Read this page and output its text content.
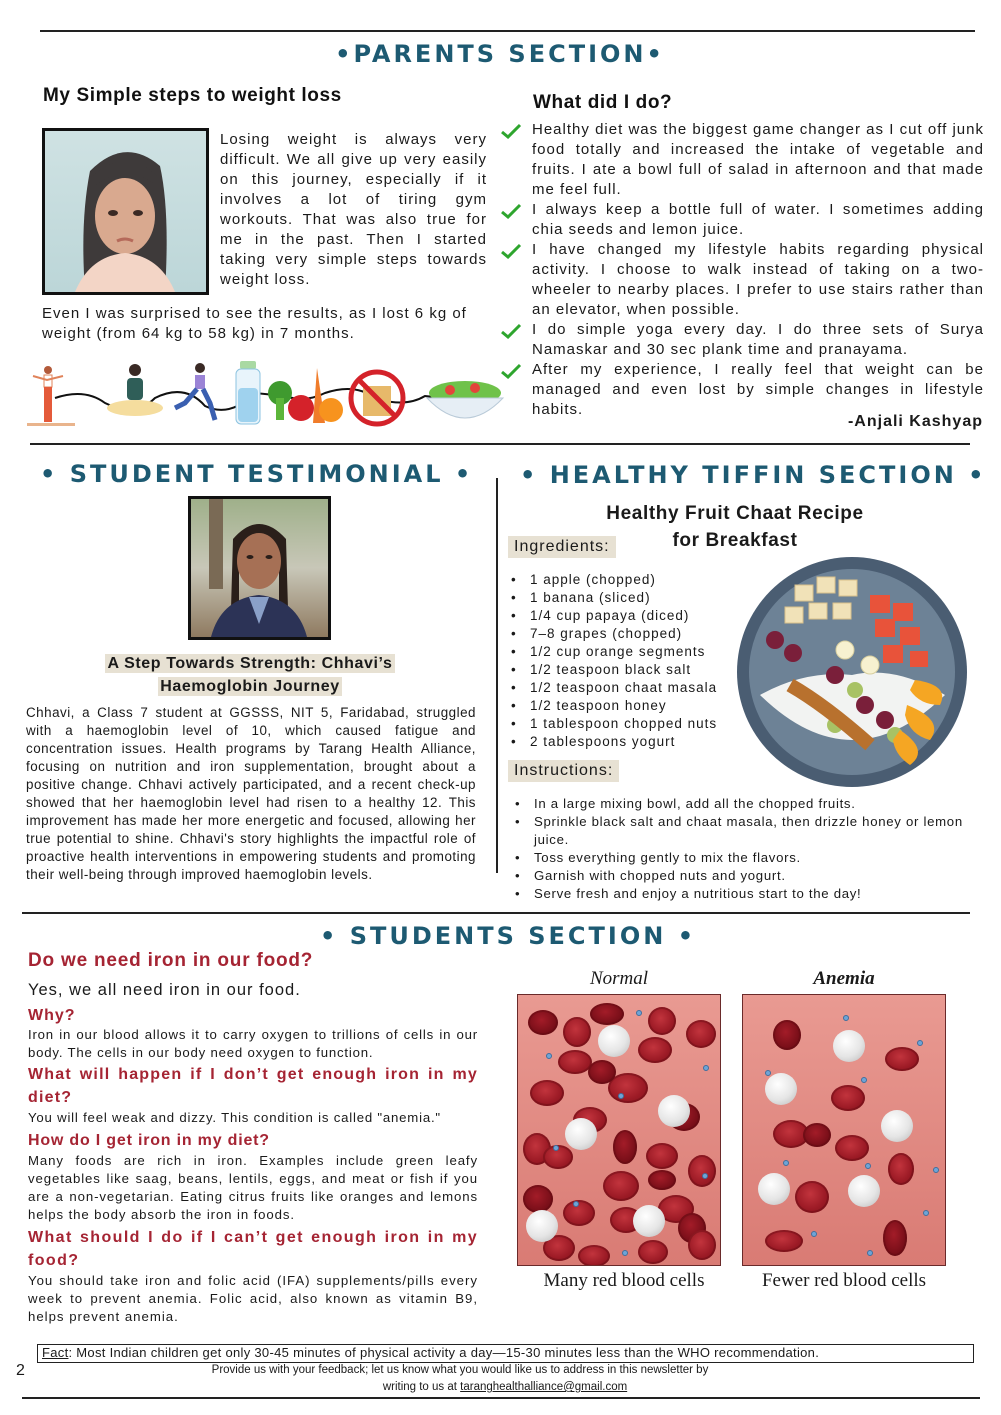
•PARENTS SECTION•
My Simple steps to weight loss
Losing weight is always very difficult. We all give up very easily on this journey, especially if it involves a lot of tiring gym workouts. That was also true for me in the past. Then I started taking very simple steps towards weight loss.
Even I was surprised to see the results, as I lost 6 kg of weight (from 64 kg to 58 kg) in 7 months.
What did I do?
Healthy diet was the biggest game changer as I cut off junk food totally and increased the intake of vegetable and fruits. I ate a bowl full of salad in afternoon and that made me feel full.
I always keep a bottle full of water. I sometimes adding chia seeds and lemon juice.
I have changed my lifestyle habits regarding physical activity. I choose to walk instead of taking on a two-wheeler to nearby places. I prefer to use stairs rather than an elevator, when possible.
I do simple yoga every day. I do three sets of Surya Namaskar and 30 sec plank time and pranayama.
After my experience, I really feel that weight can be managed and even lost by simple changes in lifestyle habits.
-Anjali Kashyap
• STUDENT TESTIMONIAL •
A Step Towards Strength: Chhavi’s
Haemoglobin Journey
Chhavi, a Class 7 student at GGSSS, NIT 5, Faridabad, struggled with a haemoglobin level of 10, which caused fatigue and concentration issues. Health programs by Tarang Health Alliance, focusing on nutrition and iron supplementation, brought about a positive change. Chhavi actively participated, and a recent check-up showed that her haemoglobin level had risen to a healthy 12. This improvement has made her more energetic and focused, allowing her true potential to shine. Chhavi's story highlights the impactful role of proactive health interventions in empowering students and promoting their well-being through improved haemoglobin levels.
• HEALTHY TIFFIN SECTION •
Healthy Fruit Chaat Recipe
for Breakfast
Ingredients:
• 1 apple (chopped)
• 1 banana (sliced)
• 1/4 cup papaya (diced)
• 7–8 grapes (chopped)
• 1/2 cup orange segments
• 1/2 teaspoon black salt
• 1/2 teaspoon chaat masala
• 1/2 teaspoon honey
• 1 tablespoon chopped nuts
• 2 tablespoons yogurt
Instructions:
• In a large mixing bowl, add all the chopped fruits.
• Sprinkle black salt and chaat masala, then drizzle honey or lemon juice.
• Toss everything gently to mix the flavors.
• Garnish with chopped nuts and yogurt.
• Serve fresh and enjoy a nutritious start to the day!
• STUDENTS SECTION •
Do we need iron in our food?
Yes, we all need iron in our food.
Why?
Iron in our blood allows it to carry oxygen to trillions of cells in our body. The cells in our body need oxygen to function.
What will happen if I don’t get enough iron in my diet?
You will feel weak and dizzy. This condition is called "anemia."
How do I get iron in my diet?
Many foods are rich in iron. Examples include green leafy vegetables like saag, beans, lentils, eggs, and meat or fish if you are a non-vegetarian. Eating citrus fruits like oranges and lemons helps the body absorb the iron in foods.
What should I do if I can’t get enough iron in my food?
You should take iron and folic acid (IFA) supplements/pills every week to prevent anemia. Folic acid, also known as vitamin B9, helps prevent anemia.
Normal	Anemia
Many red blood cells	Fewer red blood cells
Fact: Most Indian children get only 30-45 minutes of physical activity a day—15-30 minutes less than the WHO recommendation.
2	Provide us with your feedback; let us know what you would like us to address in this newsletter by
writing to us at taranghealthalliance@gmail.com
